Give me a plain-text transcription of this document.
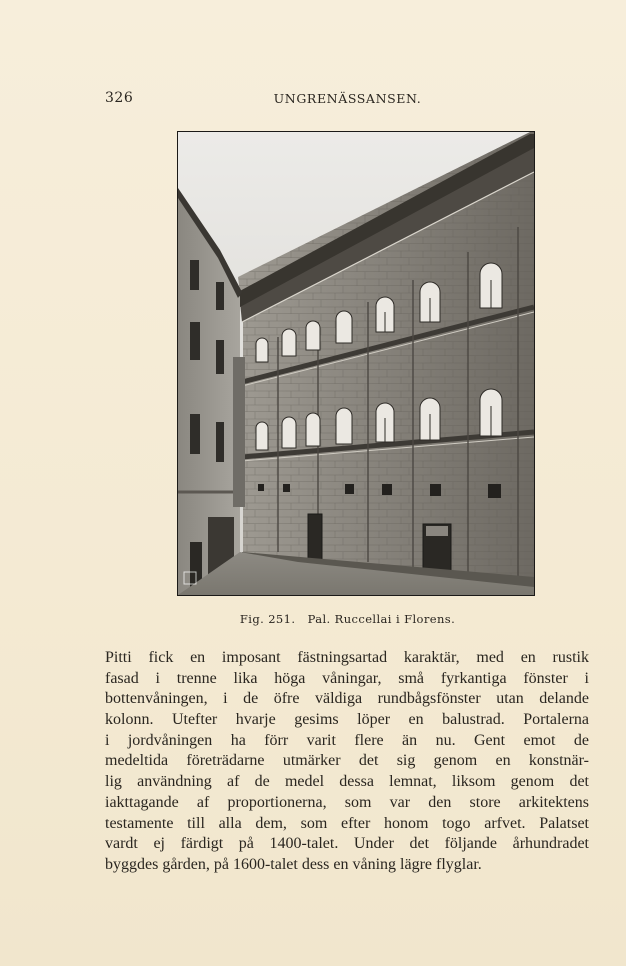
326	UNGRENÄSSANSEN.
Fig. 251.   Pal. Ruccellai i Florens.
Pitti fick en imposant fästningsartad karaktär, med en rustik
fasad i trenne lika höga våningar, små fyrkantiga fönster i
bottenvåningen, i de öfre väldiga rundbågsfönster utan delande
kolonn. Utefter hvarje gesims löper en balustrad. Portalerna
i jordvåningen ha förr varit flere än nu. Gent emot de
medeltida företrädarne utmärker det sig genom en konstnär-
lig användning af de medel dessa lemnat, liksom genom det
iakttagande af proportionerna, som var den store arkitektens
testamente till alla dem, som efter honom togo arfvet. Palatset
vardt ej färdigt på 1400-talet. Under det följande århundradet
byggdes gården, på 1600-talet dess en våning lägre flyglar.
